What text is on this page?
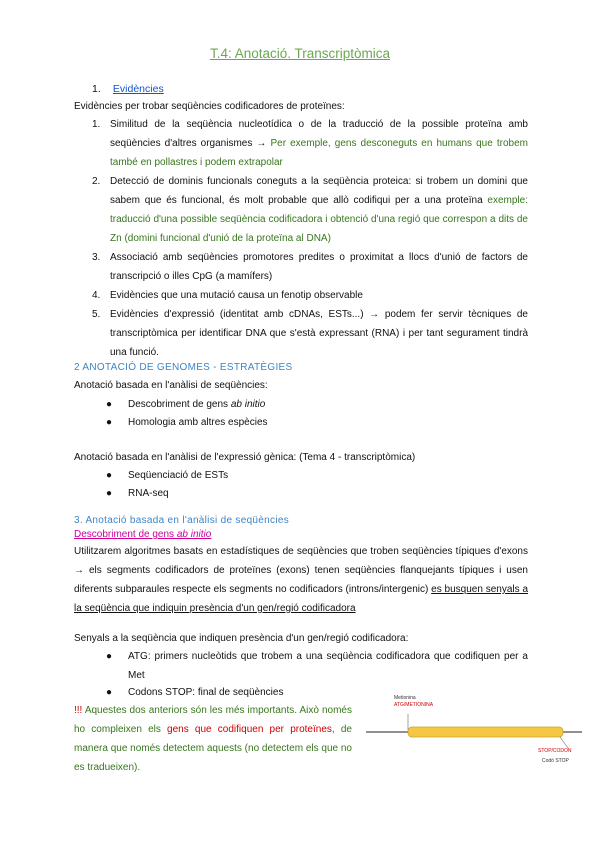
T.4: Anotació. Transcriptòmica
1. Evidències
Evidències per trobar seqüències codificadores de proteïnes:
1. Similitud de la seqüència nucleotídica o de la traducció de la possible proteïna amb seqüències d'altres organismes → Per exemple, gens desconeguts en humans que trobem també en pollastres i podem extrapolar
2. Detecció de dominis funcionals coneguts a la seqüència proteica: si trobem un domini que sabem que és funcional, és molt probable que allò codifiqui per a una proteïna exemple: traducció d'una possible seqüència codificadora i obtenció d'una regió que correspon a dits de Zn (domini funcional d'unió de la proteïna al DNA)
3. Associació amb seqüències promotores predites o proximitat a llocs d'unió de factors de transcripció o illes CpG (a mamífers)
4. Evidències que una mutació causa un fenotip observable
5. Evidències d'expressió (identitat amb cDNAs, ESTs...) → podem fer servir tècniques de transcriptòmica per identificar DNA que s'està expressant (RNA) i per tant segurament tindrà una funció.
2 ANOTACIÓ DE GENOMES - ESTRATÈGIES
Anotació basada en l'anàlisi de seqüències:
● Descobriment de gens ab initio
● Homologia amb altres espècies
Anotació basada en l'anàlisi de l'expressió gènica: (Tema 4 - transcriptòmica)
● Seqüenciació de ESTs
● RNA-seq
3. Anotació basada en l'anàlisi de seqüències
Descobriment de gens ab initio
Utilitzarem algoritmes basats en estadístiques de seqüències que troben seqüències típiques d'exons → els segments codificadors de proteïnes (exons) tenen seqüències flanquejants típiques i usen diferents subparaules respecte els segments no codificadors (introns/intergenic) es busquen senyals a la seqüència que indiquin presència d'un gen/regió codificadora
Senyals a la seqüència que indiquen presència d'un gen/regió codificadora:
● ATG: primers nucleòtids que trobem a una seqüència codificadora que codifiquen per a Met
● Codons STOP: final de seqüències
!!! Aquestes dos anteriors són les més importants. Això només ho compleixen els gens que codifiquen per proteïnes, de manera que només detectem aquests (no detectem els que no es tradueixen).
Metionina
ATG/METIONINA
STOP/CODON
Codó STOP
